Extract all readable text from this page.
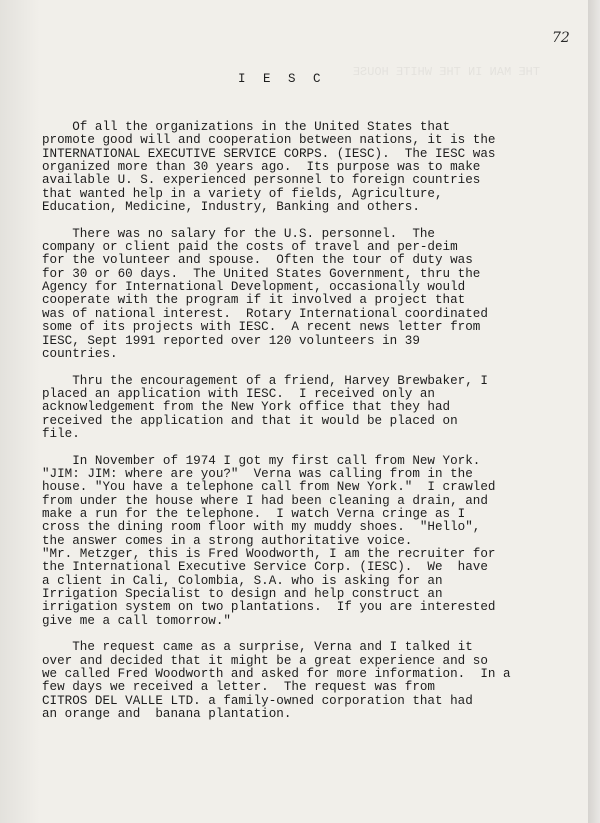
THE MAN IN THE WHITE HOUSE
72
I E S C

Of all the organizations in the United States that
promote good will and cooperation between nations, it is the
INTERNATIONAL EXECUTIVE SERVICE CORPS. (IESC).  The IESC was
organized more than 30 years ago.  Its purpose was to make
available U. S. experienced personnel to foreign countries
that wanted help in a variety of fields, Agriculture,
Education, Medicine, Industry, Banking and others.

There was no salary for the U.S. personnel.  The
company or client paid the costs of travel and per-deim
for the volunteer and spouse.  Often the tour of duty was
for 30 or 60 days.  The United States Government, thru the
Agency for International Development, occasionally would
cooperate with the program if it involved a project that
was of national interest.  Rotary International coordinated
some of its projects with IESC.  A recent news letter from
IESC, Sept 1991 reported over 120 volunteers in 39
countries.

Thru the encouragement of a friend, Harvey Brewbaker, I
placed an application with IESC.  I received only an
acknowledgement from the New York office that they had
received the application and that it would be placed on
file.

In November of 1974 I got my first call from New York.
"JIM: JIM: where are you?"  Verna was calling from in the
house. "You have a telephone call from New York."  I crawled
from under the house where I had been cleaning a drain, and
make a run for the telephone.  I watch Verna cringe as I
cross the dining room floor with my muddy shoes.  "Hello",
the answer comes in a strong authoritative voice.
"Mr. Metzger, this is Fred Woodworth, I am the recruiter for
the International Executive Service Corp. (IESC).  We  have
a client in Cali, Colombia, S.A. who is asking for an
Irrigation Specialist to design and help construct an
irrigation system on two plantations.  If you are interested
give me a call tomorrow."

The request came as a surprise, Verna and I talked it
over and decided that it might be a great experience and so
we called Fred Woodworth and asked for more information.  In a
few days we received a letter.  The request was from
CITROS DEL VALLE LTD. a family-owned corporation that had
an orange and  banana plantation.
